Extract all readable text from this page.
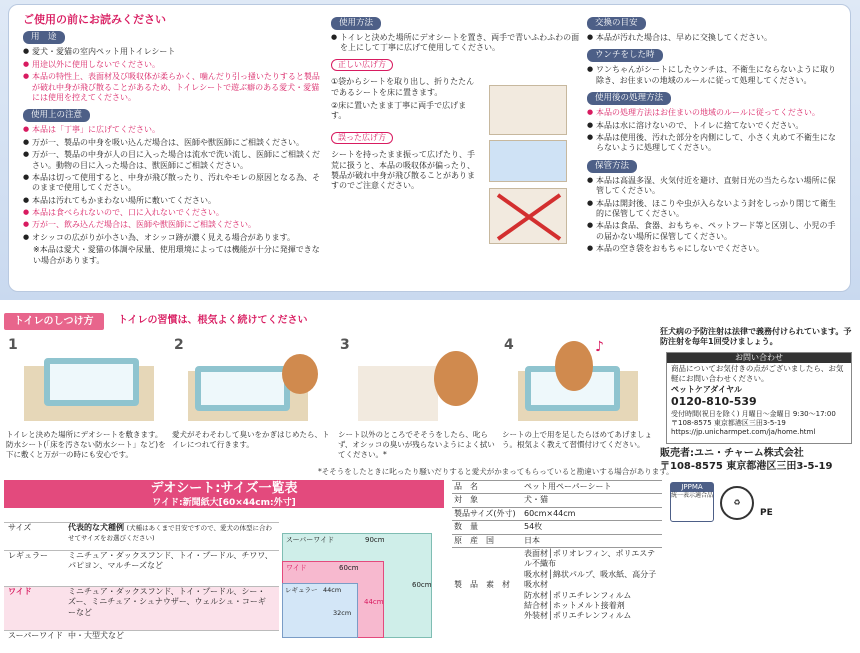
ご使用の前にお読みください
用　途
● 愛犬・愛猫の室内ペット用トイレシート
● 用途以外に使用しないでください。
● 本品の特性上、表面材及び吸収体が柔らかく、噛んだり引っ掻いたりすると製品が破れ中身が飛び散ることがあるため、トイレシートで遊ぶ癖のある愛犬・愛猫には使用を控えてください。
使用上の注意
● 本品は「丁寧」に広げてください。
● 万が一、製品の中身を吸い込んだ場合は、医師や獣医師にご相談ください。
● 万が一、製品の中身が人の目に入った場合は流水で洗い流し、医師にご相談ください。動物の目に入った場合は、獣医師にご相談ください。
● 本品は切って使用すると、中身が飛び散ったり、汚れやモレの原因となる為、そのままで使用してください。
● 本品は汚れてもかまわない場所に敷いてください。
● 本品は食べられないので、口に入れないでください。
● 万が一、飲み込んだ場合は、医師や獣医師にご相談ください。
● オシッコの広がりが小さい為、オシッコ跡が濃く見える場合があります。
※本品は愛犬・愛猫の体調や尿量、使用環境によっては機能が十分に発揮できない場合があります。
使用方法
● トイレと決めた場所にデオシートを置き、両手で青いふわふわの面を上にして丁寧に広げて使用してください。
正しい広げ方
①袋からシートを取り出し、折りたたんであるシートを床に置きます。
②床に置いたまま丁寧に両手で広げます。
誤った広げ方
シートを持ったまま振って広げたり、手荒に扱うと、本品の吸収体が偏ったり、製品が破れ中身が飛び散ることがありますのでご注意ください。
交換の目安
● 本品が汚れた場合は、早めに交換してください。
ウンチをした時
● ワンちゃんがシートにしたウンチは、不衛生にならないように取り除き、お住まいの地域のルールに従って処理してください。
使用後の処理方法
● 本品の処理方法はお住まいの地域のルールに従ってください。
● 本品は水に溶けないので、トイレに捨てないでください。
● 本品は使用後、汚れた部分を内側にして、小さく丸めて不衛生にならないように処理してください。
保管方法
● 本品は高温多湿、火気付近を避け、直射日光の当たらない場所に保管してください。
● 本品は開封後、ほこりや虫が入らないよう封をしっかり閉じて衛生的に保管してください。
● 本品は食品、食器、おもちゃ、ペットフード等と区別し、小児の手の届かない場所に保管してください。
● 本品の空き袋をおもちゃにしないでください。
トイレのしつけ方	トイレの習慣は、根気よく続けてください
1
トイレと決めた場所にデオシートを敷きます。防水シート(「床を汚さない防水シート」など)を下に敷くと万が一の時にも安心です。
2
愛犬がそわそわして臭いをかぎはじめたら、トイレにつれて行きます。
3
シート以外のところでそそうをしたら、叱らず、オシッコの臭いが残らないようによく拭いてください。*
4	♪
シートの上で用を足したらほめてあげましょう。根気よく教えて習慣付けてください。
*そそうをしたときに叱ったり騒いだりすると愛犬がかまってもらっていると勘違いする場合があります。
狂犬病の予防注射は法律で義務付けられています。予防注射を毎年1回受けましょう。
お問い合わせ
商品についてお気付きの点がございましたら、お気軽にお問い合わせください。
ペットケアダイヤル
0120-810-539
受付時間(祝日を除く) 月曜日〜金曜日 9:30〜17:00
〒108-8575 東京都港区三田3-5-19
https://jp.unicharmpet.com/ja/home.html
販売者:ユニ・チャーム株式会社
〒108-8575 東京都港区三田3-5-19
デオシート:サイズ一覧表
ワイド:新聞紙大[60×44cm:外寸]
サイズ	代表的な犬種例 (犬種はあくまで目安ですので、愛犬の体型に合わせてサイズをお選びください)
レギュラー	ミニチュア・ダックスフンド、トイ・プードル、チワワ、パピヨン、マルチーズなど
ワイド	ミニチュア・ダックスフンド、トイ・プードル、シー・ズー、ミニチュア・シュナウザー、ウェルシュ・コーギーなど
スーパーワイド 中・大型犬など
スーパーワイド	90cm
ワイド	60cm
60cm
レギュラー 44cm
32cm
44cm
品　名	ペット用ペーパーシート
対　象	犬・猫
製品サイズ(外寸)	60cm×44cm
数　量	54枚
原　産　国	日本
製　品　素　材	表面材│ポリオレフィン、ポリエステル不織布
吸水材│綿状パルプ、吸水紙、高分子吸水材
防水材│ポリエチレンフィルム
結合材│ホットメルト接着剤
外装材│ポリエチレンフィルム
JPPMA
統一表示適合品
♻
PE
